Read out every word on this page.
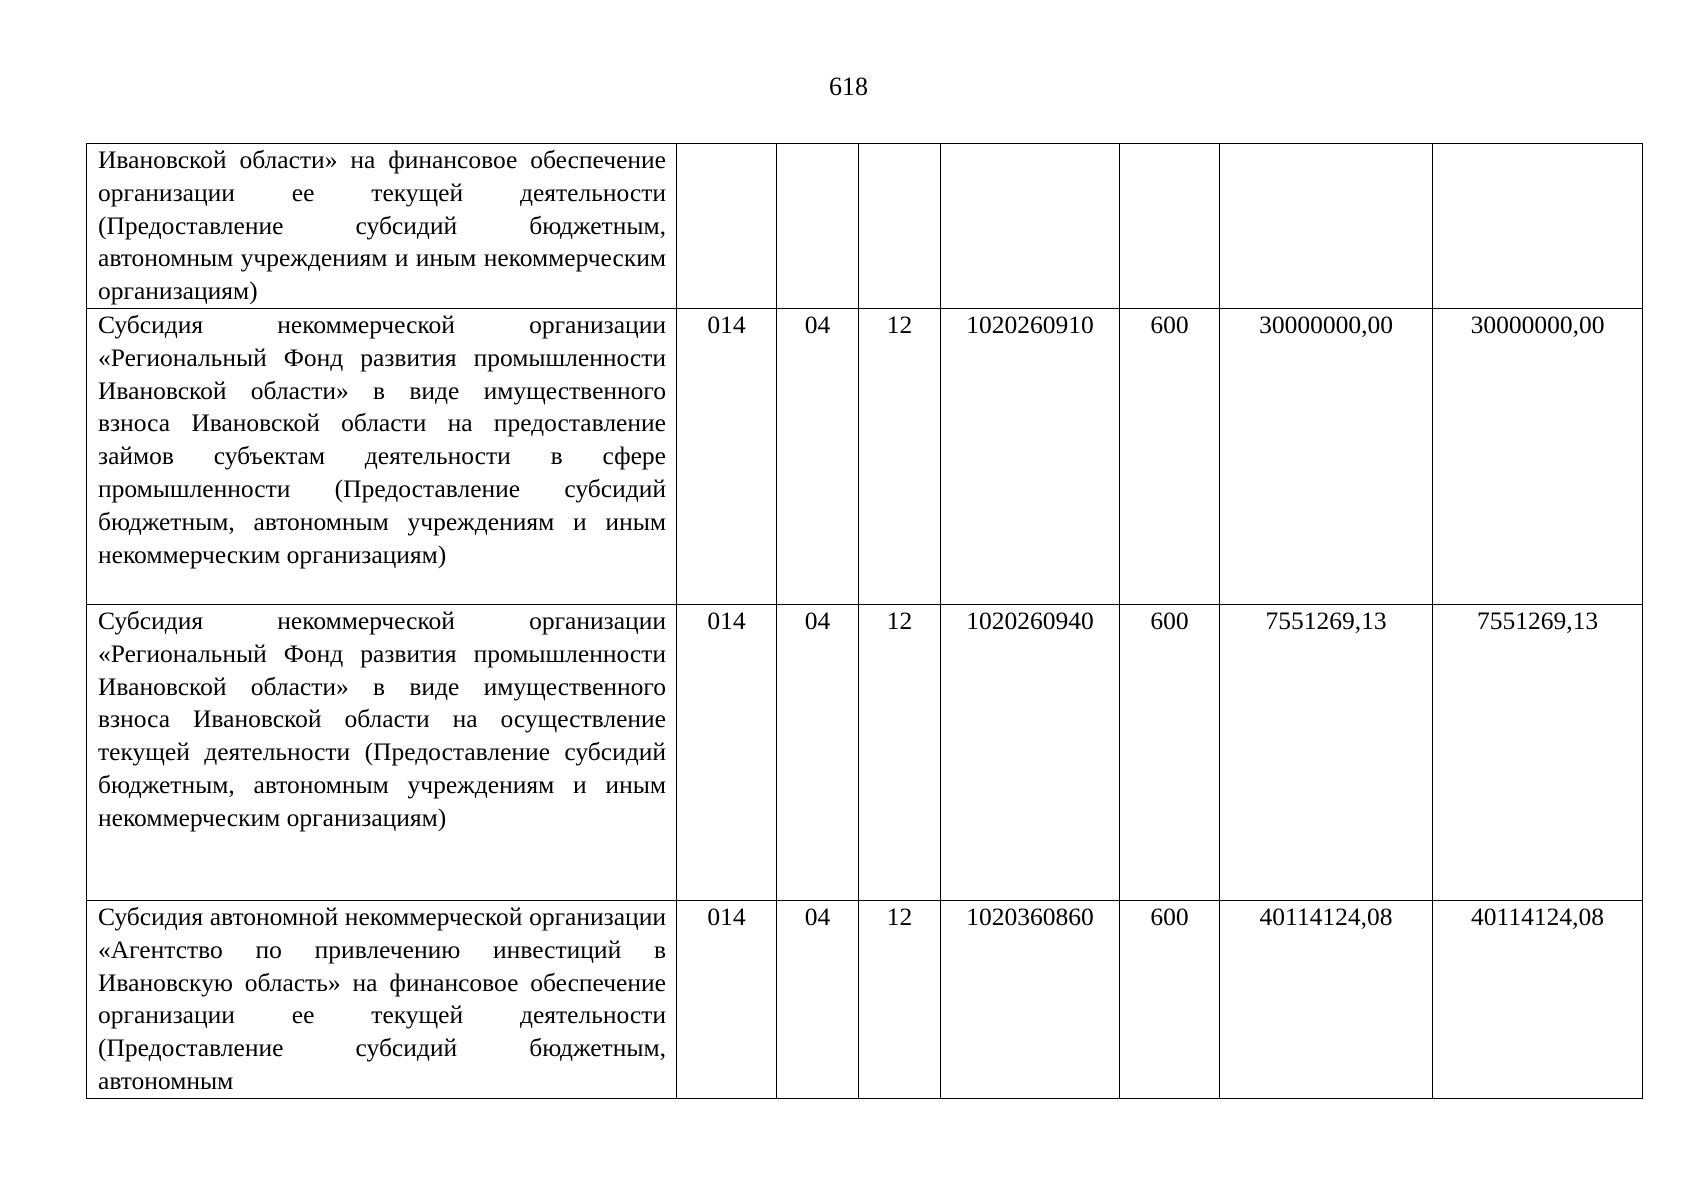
618
Ивановской области» на финансовое обеспечение организации ее текущей деятельности (Предоставление субсидий бюджетным, автономным учреждениям и иным некоммерческим организациям)							
Субсидия некоммерческой организации «Региональный Фонд развития промышленности Ивановской области» в виде имущественного взноса Ивановской области на предоставление займов субъектам деятельности в сфере промышленности (Предоставление субсидий бюджетным, автономным учреждениям и иным некоммерческим организациям)	014	04	12	1020260910	600	30000000,00	30000000,00
Субсидия некоммерческой организации «Региональный Фонд развития промышленности Ивановской области» в виде имущественного взноса Ивановской области на осуществление текущей деятельности (Предоставление субсидий бюджетным, автономным учреждениям и иным некоммерческим организациям)	014	04	12	1020260940	600	7551269,13	7551269,13
Субсидия автономной некоммерческой организации «Агентство по привлечению инвестиций в Ивановскую область» на финансовое обеспечение организации ее текущей деятельности (Предоставление субсидий бюджетным, автономным	014	04	12	1020360860	600	40114124,08	40114124,08
